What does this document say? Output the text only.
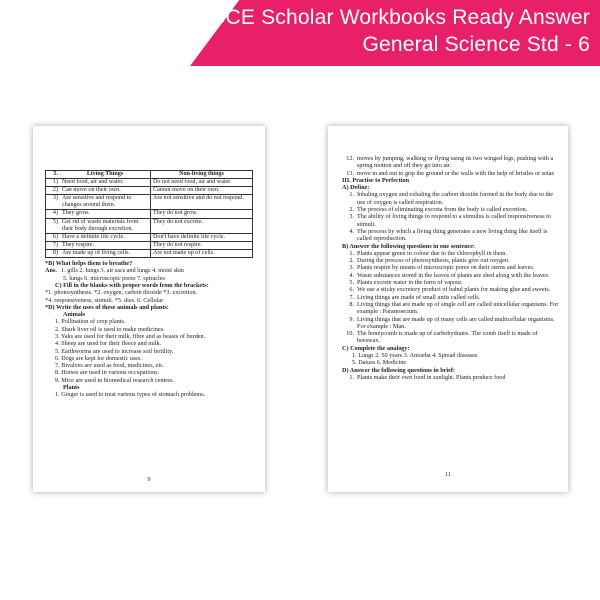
CCE Scholar Workbooks Ready Answer
General Science Std - 6
5.	Living Things	Non-living things
1)	Need food, air and water.	Do not need food, air and water.
2)	Can move on their own.	Cannot move on their own.
3)	Are sensitive and respond to changes around them.	Are not sensitive and do not respond.
4)	They grow.	They do not grow.
5)	Get rid of waste materials from their body through excretion.	They do not excrete.
6)	Have a definite life cycle.	Don't have definite life cycle.
7)	They respire.	They do not respire.
8)	Are made up of living cells.	Are not made up of cells.
*B) What helps them to breathe?
Ans. 1. gills 2. lungs 3. air sacs and lungs 4. moist skin
5. lungs 6. microscopic pores 7. spiracles
C) Fill in the blanks with proper words from the brackets:
*1. photosynthesis. *2. oxygen, carbon dioxide *3. excretion.
*4. responsiveness, stimuli. *5. dies. 6. Cellular
*D) Write the uses of these animals and plants:
Animals
1. Pollination of crop plants.
2. Shark liver oil is used to make medicines.
3. Yaks are used for their milk, fibre and as beasts of burden.
4. Sheep are used for their fleece and milk.
5. Earthworms are used to increase soil fertility.
6. Dogs are kept for domestic uses.
7. Bivalves are used as food, medicines, etc.
8. Horses are used in various occupations.
9. Mice are used in biomedical research centres.
Plants
1. Ginger is used to treat various types of stomach problems.
9
12. moves by jumping, walking or flying using its two winged legs, pushing with a spring motion and off they go into air.
13. move in and out to grip the ground or the walls with the help of bristles or setae
III. Practise to Perfection
A) Define:
1. Inhaling oxygen and exhaling the carbon dioxide formed in the body due to the use of oxygen is called respiration.
2. The process of eliminating excreta from the body is called excretion.
3. The ability of living things to respond to a stimulus is called responsiveness to stimuli.
4. The process by which a living thing generates a new living thing like itself is called reproduction.
B) Answer the following questions in one sentence:
1. Plants appear green in colour due to the chlorophyll in them.
2. During the process of photosynthesis, plants give out oxygen.
3. Plants respire by means of microscopic pores on their stems and leaves.
4. Waste substances stored in the leaves of plants are shed along with the leaves.
5. Plants excrete water in the form of vapour.
6. We use a sticky excretory product of babul plants for making glue and sweets.
7. Living things are made of small units called cells.
8. Living things that are made up of single cell are called unicellular organisms. For example : Paramoecium.
9. Living things that are made up of many cells are called multicellular organisms. For example : Man.
10. The honeycomb is made up of carbohydrates. The comb itself is made of beeswax.
C) Complete the analogy:
1. Lungs 2. 50 years 3. Amoeba 4. Spread diseases
5. Datura 6. Medicine
D) Answer the following questions in brief:
1. Plants make their own food in sunlight. Plants produce food
11
